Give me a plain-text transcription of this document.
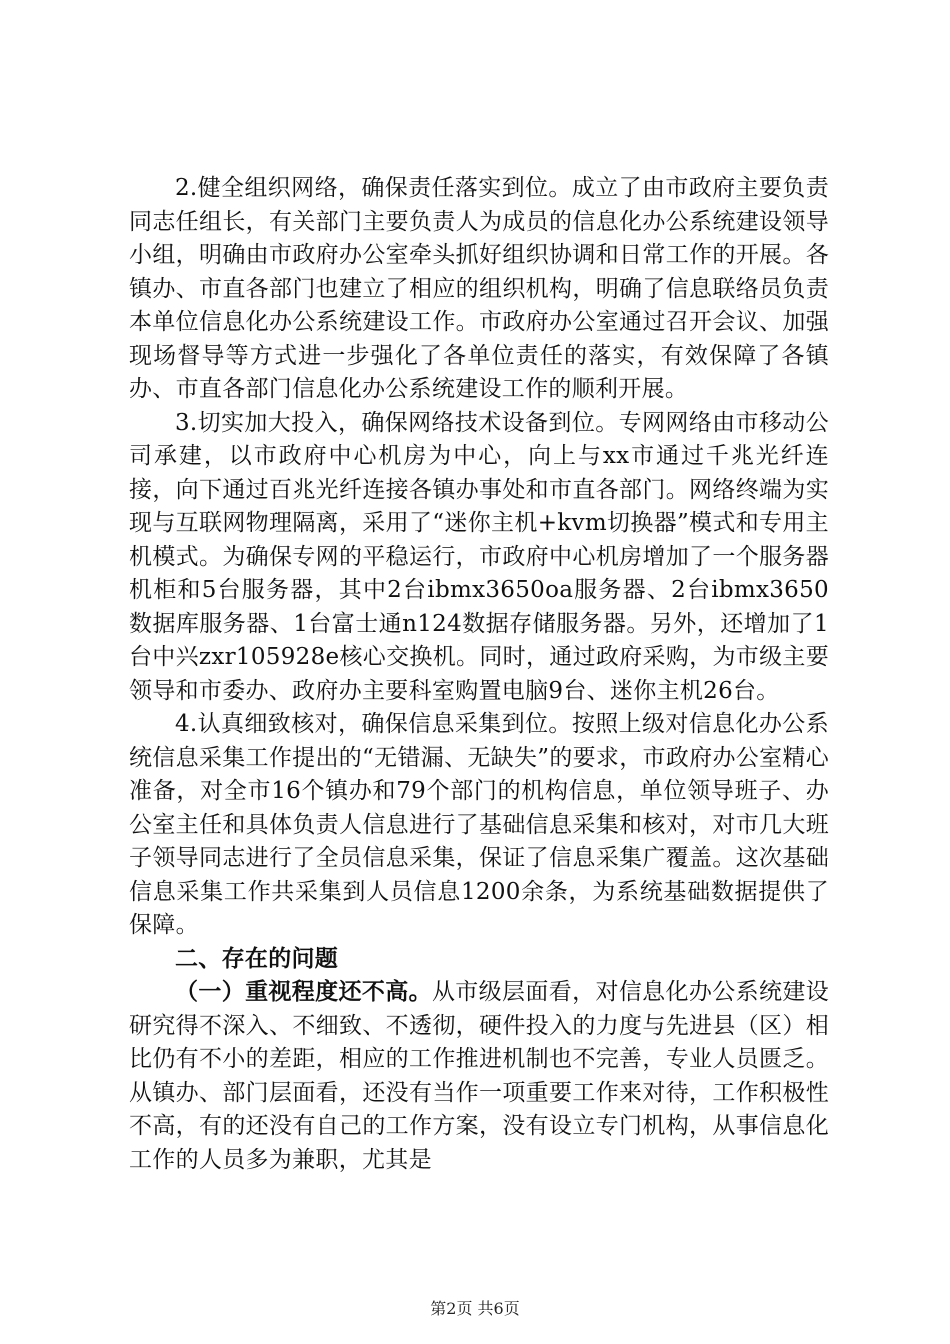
2.健全组织网络，确保责任落实到位。成立了由市政府主要负责同志任组长，有关部门主要负责人为成员的信息化办公系统建设领导小组，明确由市政府办公室牵头抓好组织协调和日常工作的开展。各镇办、市直各部门也建立了相应的组织机构，明确了信息联络员负责本单位信息化办公系统建设工作。市政府办公室通过召开会议、加强现场督导等方式进一步强化了各单位责任的落实，有效保障了各镇办、市直各部门信息化办公系统建设工作的顺利开展。

3.切实加大投入，确保网络技术设备到位。专网网络由市移动公司承建，以市政府中心机房为中心，向上与xx市通过千兆光纤连接，向下通过百兆光纤连接各镇办事处和市直各部门。网络终端为实现与互联网物理隔离，采用了“迷你主机+kvm切换器”模式和专用主机模式。为确保专网的平稳运行，市政府中心机房增加了一个服务器机柜和5台服务器，其中2台ibmx3650oa服务器、2台ibmx3650数据库服务器、1台富士通n124数据存储服务器。另外，还增加了1台中兴zxr105928e核心交换机。同时，通过政府采购，为市级主要领导和市委办、政府办主要科室购置电脑9台、迷你主机26台。

4.认真细致核对，确保信息采集到位。按照上级对信息化办公系统信息采集工作提出的“无错漏、无缺失”的要求，市政府办公室精心准备，对全市16个镇办和79个部门的机构信息，单位领导班子、办公室主任和具体负责人信息进行了基础信息采集和核对，对市几大班子领导同志进行了全员信息采集，保证了信息采集广覆盖。这次基础信息采集工作共采集到人员信息1200余条，为系统基础数据提供了保障。

二、存在的问题

（一）重视程度还不高。从市级层面看，对信息化办公系统建设研究得不深入、不细致、不透彻，硬件投入的力度与先进县（区）相比仍有不小的差距，相应的工作推进机制也不完善，专业人员匮乏。从镇办、部门层面看，还没有当作一项重要工作来对待，工作积极性不高，有的还没有自己的工作方案，没有设立专门机构，从事信息化工作的人员多为兼职，尤其是

第2页 共6页
